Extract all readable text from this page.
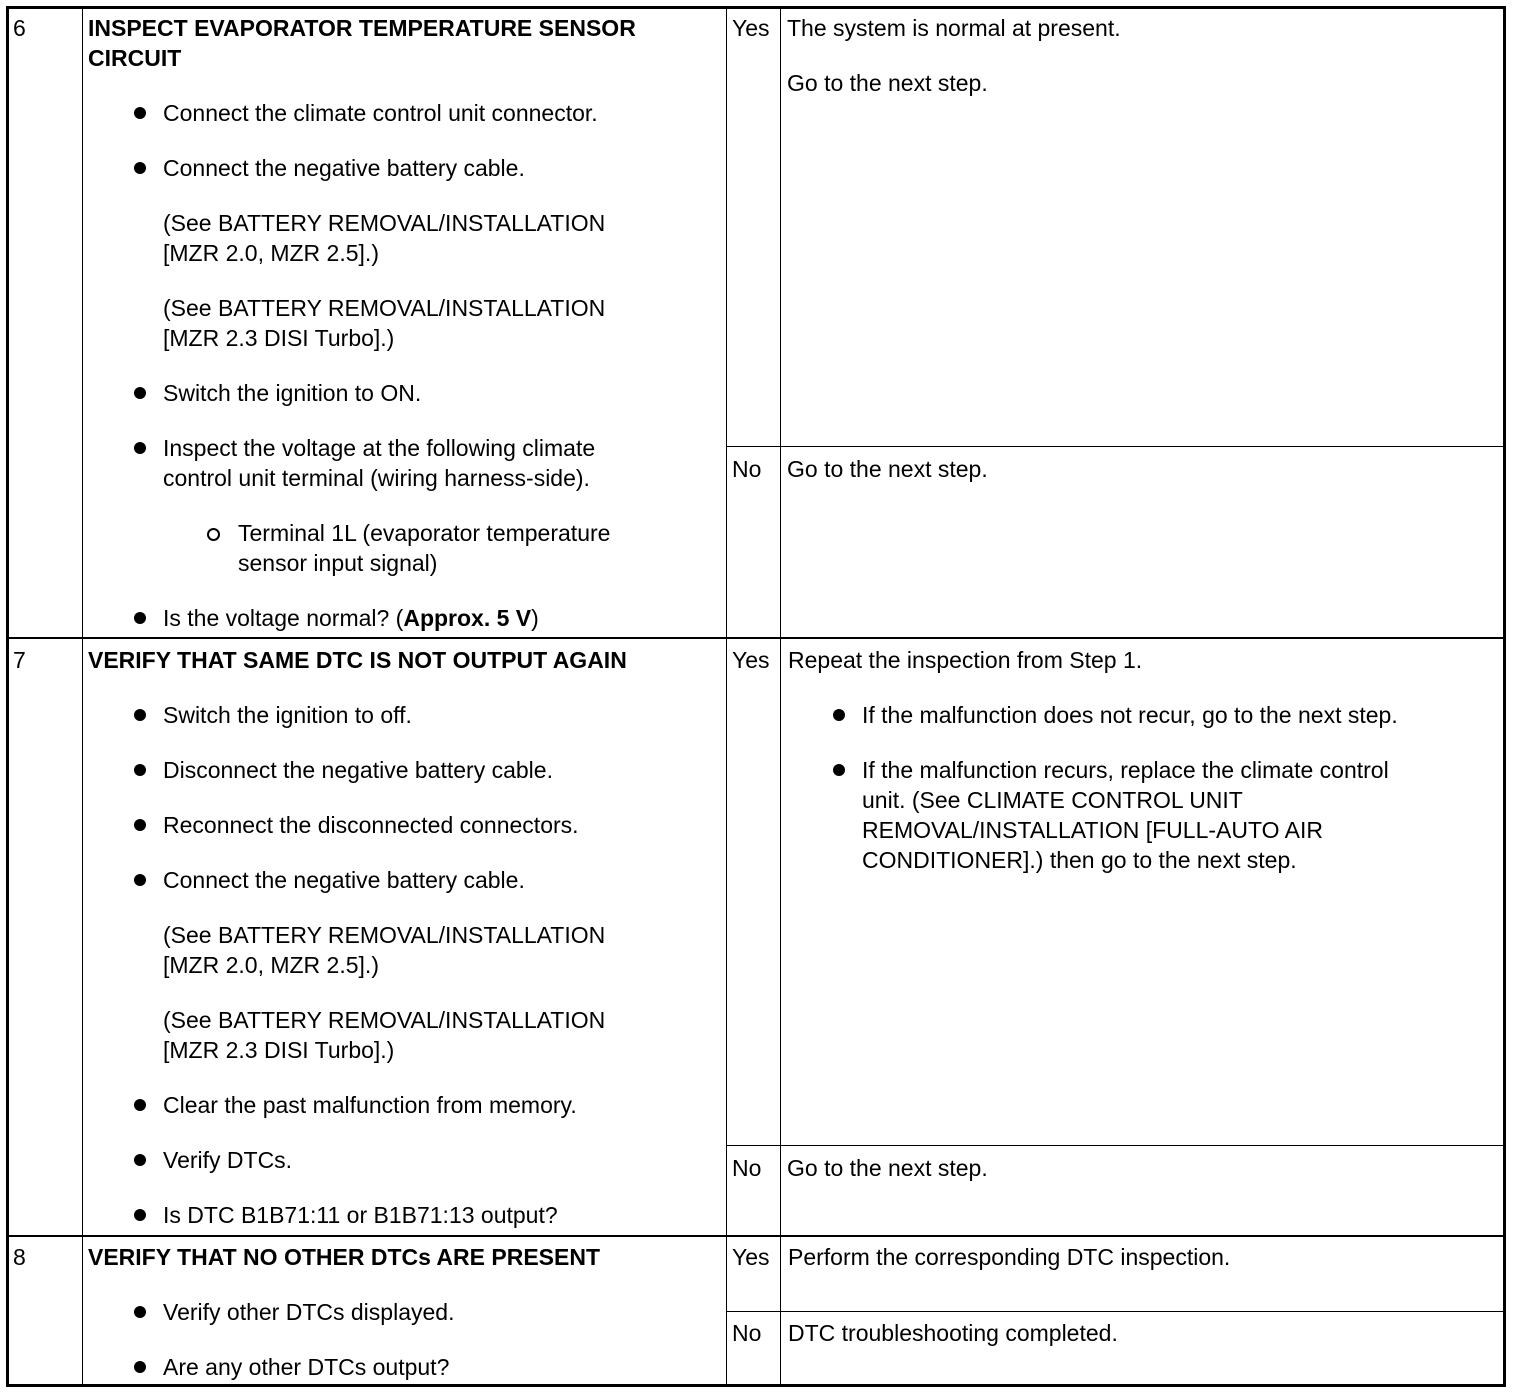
6	INSPECT EVAPORATOR TEMPERATURE SENSOR
CIRCUIT
Connect the climate control unit connector.
Connect the negative battery cable.
(See BATTERY REMOVAL/INSTALLATION
[MZR 2.0, MZR 2.5].)
(See BATTERY REMOVAL/INSTALLATION
[MZR 2.3 DISI Turbo].)
Switch the ignition to ON.
Inspect the voltage at the following climate
control unit terminal (wiring harness-side).
Terminal 1L (evaporator temperature
sensor input signal)
Is the voltage normal? (Approx. 5 V)
Yes The system is normal at present.
Go to the next step.
No Go to the next step.
7	VERIFY THAT SAME DTC IS NOT OUTPUT AGAIN
Switch the ignition to off.
Disconnect the negative battery cable.
Reconnect the disconnected connectors.
Connect the negative battery cable.
(See BATTERY REMOVAL/INSTALLATION
[MZR 2.0, MZR 2.5].)
(See BATTERY REMOVAL/INSTALLATION
[MZR 2.3 DISI Turbo].)
Clear the past malfunction from memory.
Verify DTCs.
Is DTC B1B71:11 or B1B71:13 output?
Yes Repeat the inspection from Step 1.
If the malfunction does not recur, go to the next step.
If the malfunction recurs, replace the climate control
unit. (See CLIMATE CONTROL UNIT
REMOVAL/INSTALLATION [FULL-AUTO AIR
CONDITIONER].) then go to the next step.
No Go to the next step.
8	VERIFY THAT NO OTHER DTCs ARE PRESENT
Verify other DTCs displayed.
Are any other DTCs output?
Yes Perform the corresponding DTC inspection.
No DTC troubleshooting completed.
